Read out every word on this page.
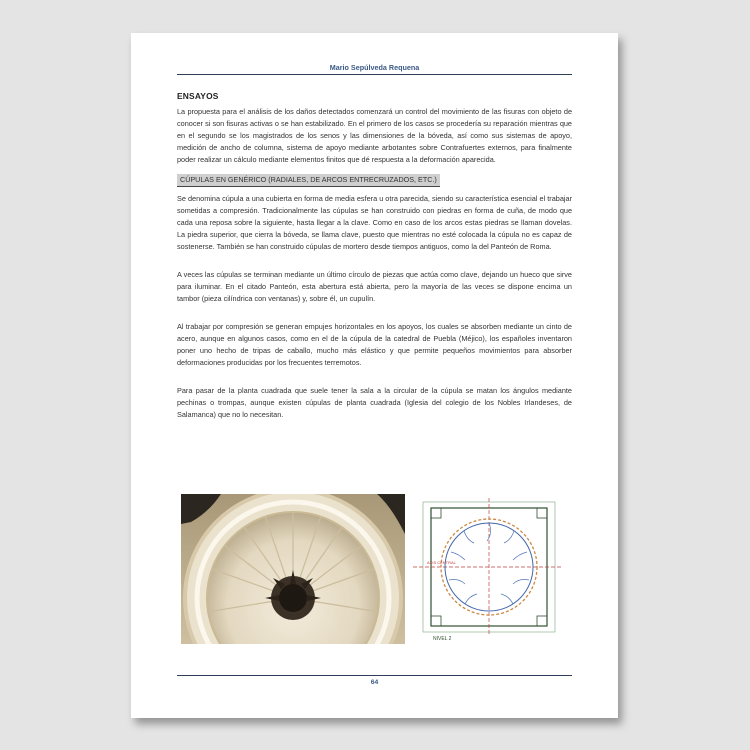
Mario Sepúlveda Requena
ENSAYOS

La propuesta para el análisis de los daños detectados comenzará un control del movimiento de las fisuras con objeto de conocer si son fisuras activas o se han estabilizado. En el primero de los casos se procedería su reparación mientras que en el segundo se los magistrados de los senos y las dimensiones de la bóveda, así como sus sistemas de apoyo, medición de ancho de columna, sistema de apoyo mediante arbotantes sobre Contrafuertes externos, para finalmente poder realizar un cálculo mediante elementos finitos que dé respuesta a la deformación aparecida.

CÚPULAS EN GENÉRICO (RADIALES, DE ARCOS ENTRECRUZADOS, ETC.)

Se denomina cúpula a una cubierta en forma de media esfera u otra parecida, siendo su característica esencial el trabajar sometidas a compresión. Tradicionalmente las cúpulas se han construido con piedras en forma de cuña, de modo que cada una reposa sobre la siguiente, hasta llegar a la clave. Como en caso de los arcos estas piedras se llaman dovelas. La piedra superior, que cierra la bóveda, se llama clave, puesto que mientras no esté colocada la cúpula no es capaz de sostenerse. También se han construido cúpulas de mortero desde tiempos antiguos, como la del Panteón de Roma.

A veces las cúpulas se terminan mediante un último círculo de piezas que actúa como clave, dejando un hueco que sirve para iluminar. En el citado Panteón, esta abertura está abierta, pero la mayoría de las veces se dispone encima un tambor (pieza cilíndrica con ventanas) y, sobre él, un cupulín.

Al trabajar por compresión se generan empujes horizontales en los apoyos, los cuales se absorben mediante un cinto de acero, aunque en algunos casos, como en el de la cúpula de la catedral de Puebla (Méjico), los españoles inventaron poner uno hecho de tripas de caballo, mucho más elástico y que permite pequeños movimientos para absorber deformaciones producidas por los frecuentes terremotos.

Para pasar de la planta cuadrada que suele tener la sala a la circular de la cúpula se matan los ángulos mediante pechinas o trompas, aunque existen cúpulas de planta cuadrada (Iglesia del colegio de los Nobles Irlandeses, de Salamanca) que no lo necesitan.

AXIS CENTRAL
NIVEL 2
64
